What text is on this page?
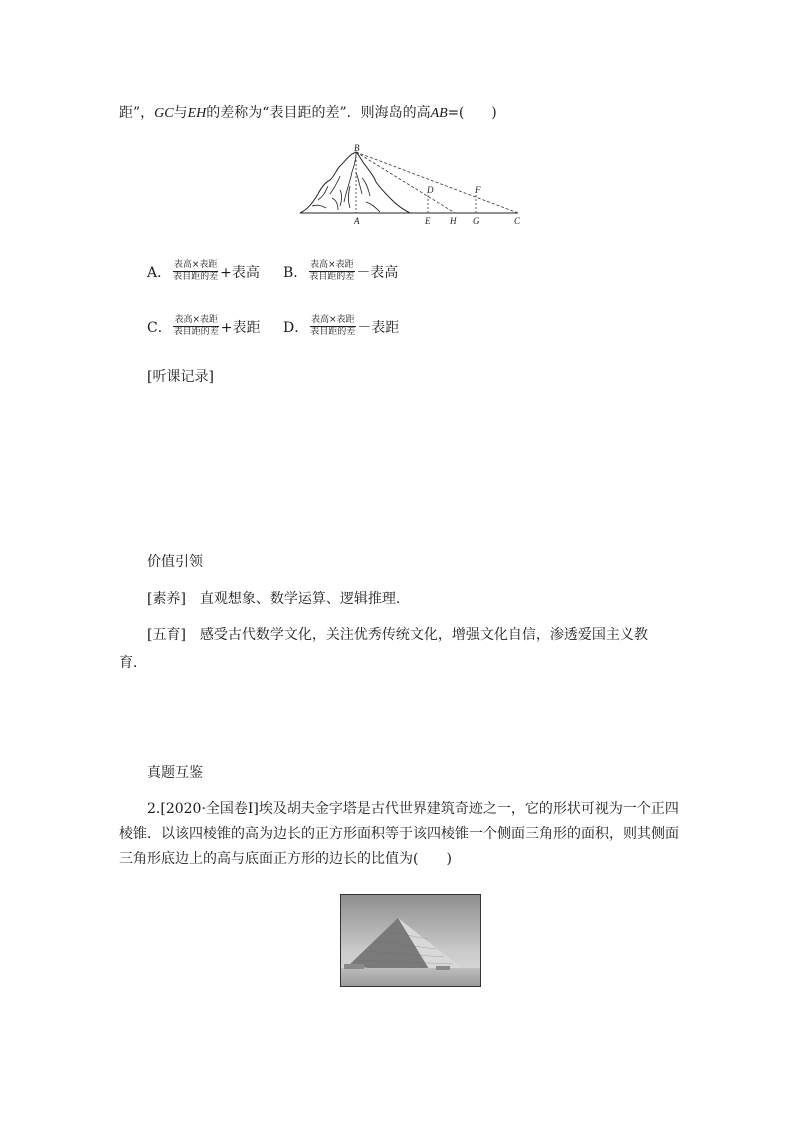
距”，GC与EH的差称为“表目距的差”．则海岛的高AB=(　　)
B
D	F
A	E H G	C
A． $\frac{\text{表高×表距}}{\text{表目距的差}}$ +表高 B． $\frac{\text{表高×表距}}{\text{表目距的差}}$ －表高
C． $\frac{\text{表高×表距}}{\text{表目距的差}}$ +表距 D． $\frac{\text{表高×表距}}{\text{表目距的差}}$ －表距
[听课记录]
价值引领
[素养]　直观想象、数学运算、逻辑推理．
[五育]　感受古代数学文化，关注优秀传统文化，增强文化自信，渗透爱国主义教
育．
真题互鉴
2.[2020·全国卷Ⅰ]埃及胡夫金字塔是古代世界建筑奇迹之一，它的形状可视为一个正四
棱锥．以该四棱锥的高为边长的正方形面积等于该四棱锥一个侧面三角形的面积，则其侧面
三角形底边上的高与底面正方形的边长的比值为(　　)
